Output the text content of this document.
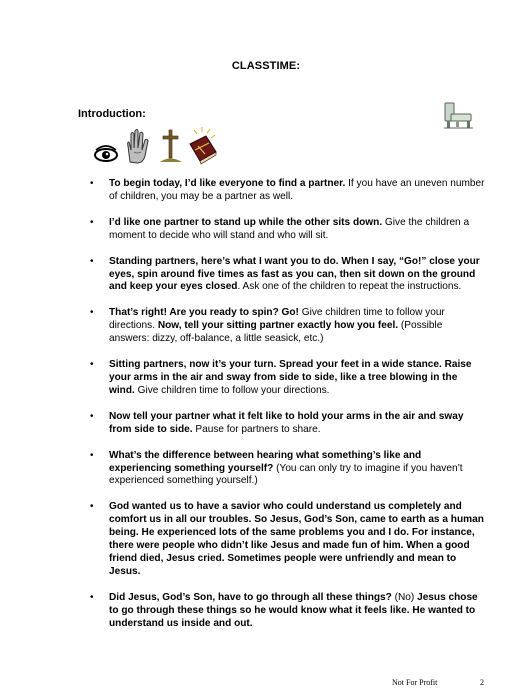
CLASSTIME:
Introduction:
• To begin today, I’d like everyone to find a partner. If you have an uneven number of children, you may be a partner as well.
• I’d like one partner to stand up while the other sits down. Give the children a moment to decide who will stand and who will sit.
• Standing partners, here’s what I want you to do. When I say, “Go!” close your eyes, spin around five times as fast as you can, then sit down on the ground and keep your eyes closed. Ask one of the children to repeat the instructions.
• That’s right! Are you ready to spin? Go! Give children time to follow your directions. Now, tell your sitting partner exactly how you feel. (Possible answers: dizzy, off-balance, a little seasick, etc.)
• Sitting partners, now it’s your turn. Spread your feet in a wide stance. Raise your arms in the air and sway from side to side, like a tree blowing in the wind. Give children time to follow your directions.
• Now tell your partner what it felt like to hold your arms in the air and sway from side to side. Pause for partners to share.
• What’s the difference between hearing what something’s like and experiencing something yourself? (You can only try to imagine if you haven’t experienced something yourself.)
• God wanted us to have a savior who could understand us completely and comfort us in all our troubles. So Jesus, God’s Son, came to earth as a human being. He experienced lots of the same problems you and I do. For instance, there were people who didn’t like Jesus and made fun of him. When a good friend died, Jesus cried. Sometimes people were unfriendly and mean to Jesus.
• Did Jesus, God’s Son, have to go through all these things? (No) Jesus chose to go through these things so he would know what it feels like. He wanted to understand us inside and out.
Not For Profit	2
